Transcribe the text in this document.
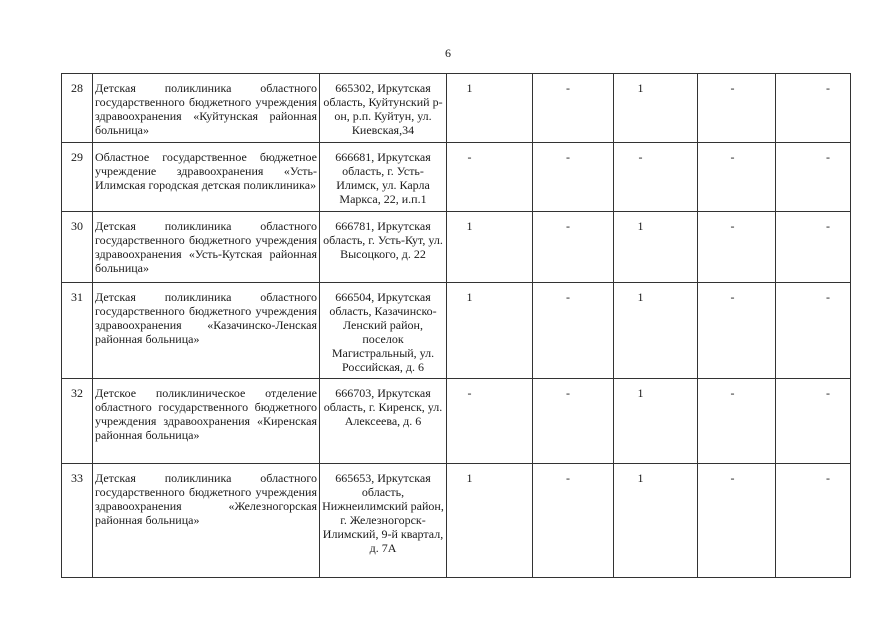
6
28	Детская поликлиника областного государственного бюджетного учреждения здравоохранения «Куйтунская районная больница»	665302, Иркутская область, Куйтунский р-он, р.п. Куйтун, ул. Киевская,34	1	-	1	-	-
29	Областное государственное бюджетное учреждение здравоохранения «Усть-Илимская городская детская поликлиника»	666681, Иркутская область, г. Усть-Илимск, ул. Карла Маркса, 22, и.п.1	-	-	-	-	-
30	Детская поликлиника областного государственного бюджетного учреждения здравоохранения «Усть-Кутская районная больница»	666781, Иркутская область, г. Усть-Кут, ул. Высоцкого, д. 22	1	-	1	-	-
31	Детская поликлиника областного государственного бюджетного учреждения здравоохранения «Казачинско-Ленская районная больница»	666504, Иркутская область, Казачинско-Ленский район, поселок Магистральный, ул. Российская, д. 6	1	-	1	-	-
32	Детское поликлиническое отделение областного государственного бюджетного учреждения здравоохранения «Киренская районная больница»	666703, Иркутская область, г. Киренск, ул. Алексеева, д. 6	-	-	1	-	-
33	Детская поликлиника областного государственного бюджетного учреждения здравоохранения «Железногорская районная больница»	665653, Иркутская область, Нижнеилимский район, г. Железногорск-Илимский, 9-й квартал, д. 7А	1	-	1	-	-
